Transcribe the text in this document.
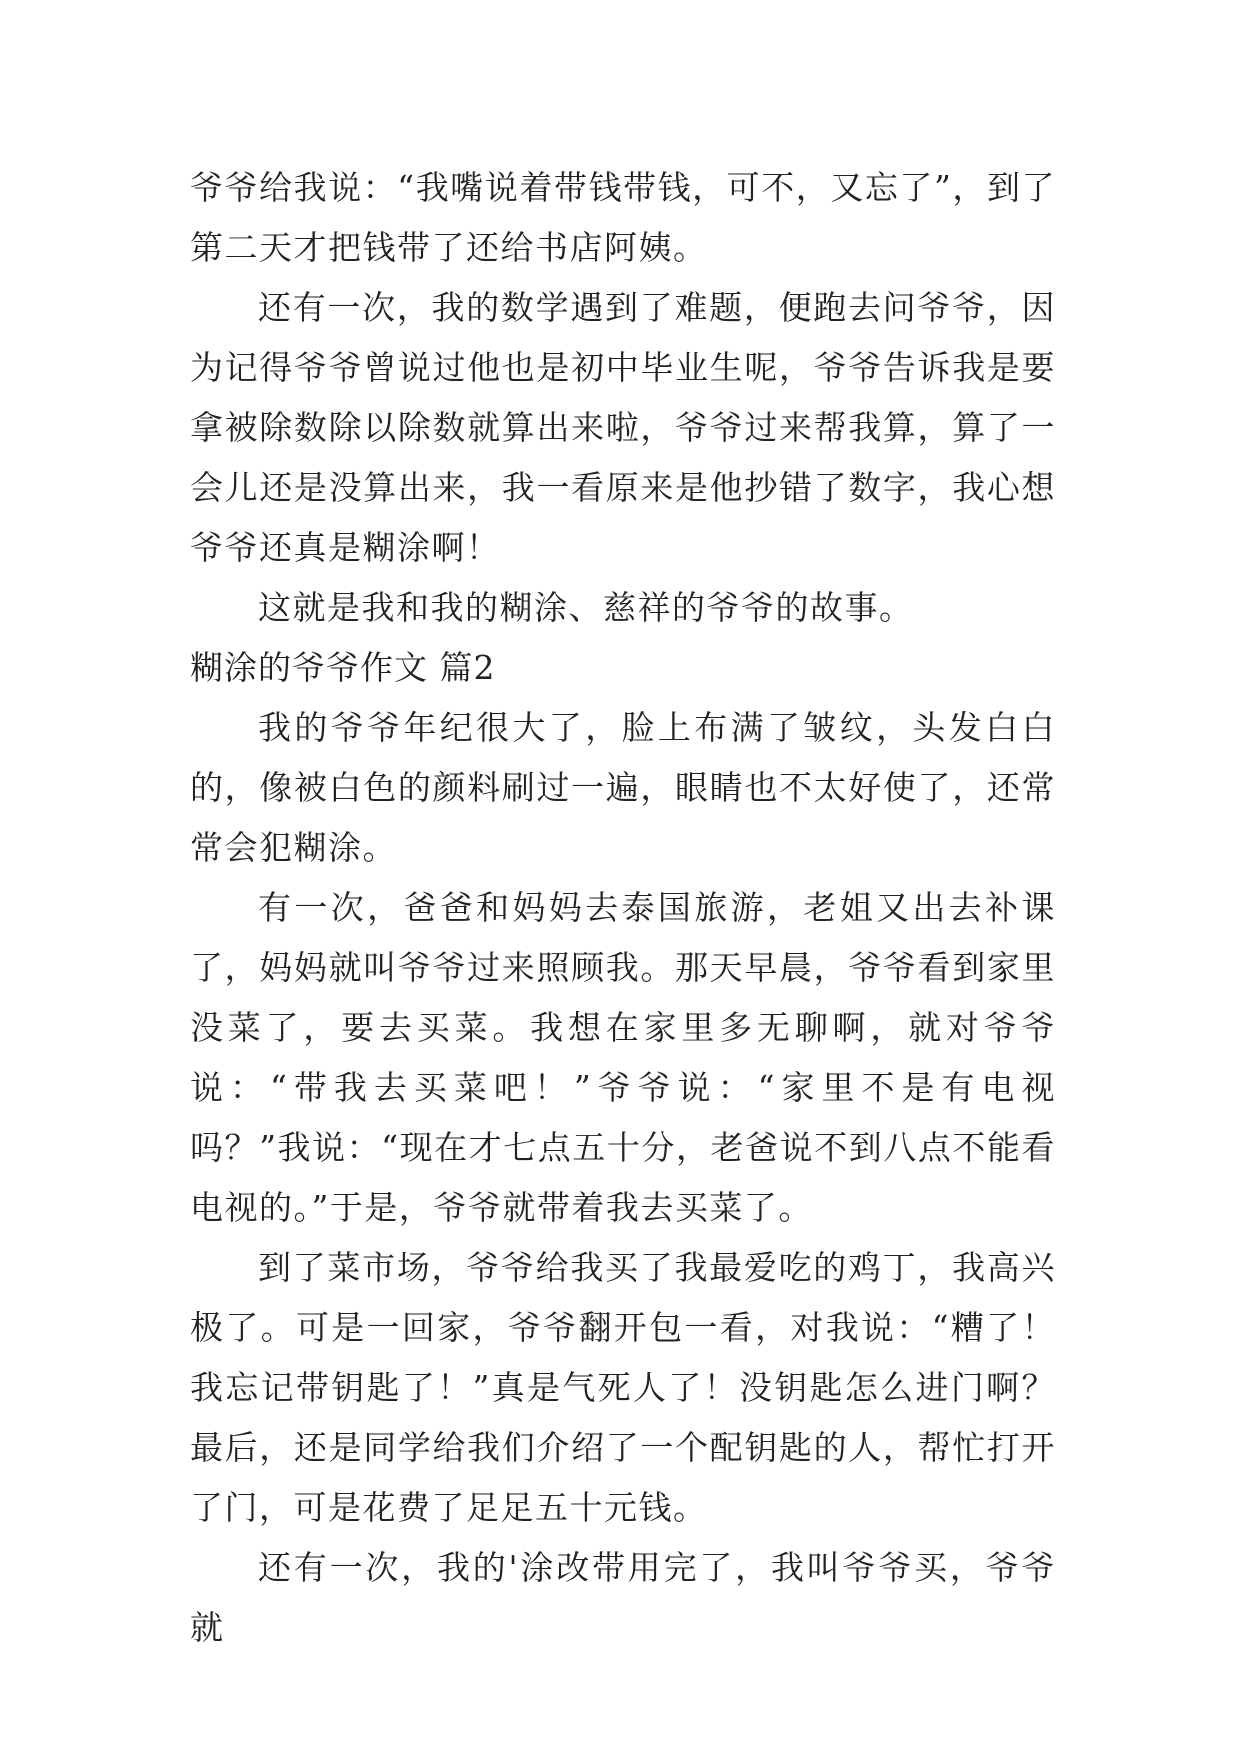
爷爷给我说：“我嘴说着带钱带钱，可不，又忘了”，到了第二天才把钱带了还给书店阿姨。

还有一次，我的数学遇到了难题，便跑去问爷爷，因为记得爷爷曾说过他也是初中毕业生呢，爷爷告诉我是要拿被除数除以除数就算出来啦，爷爷过来帮我算，算了一会儿还是没算出来，我一看原来是他抄错了数字，我心想爷爷还真是糊涂啊！

这就是我和我的糊涂、慈祥的爷爷的故事。

糊涂的爷爷作文 篇2

我的爷爷年纪很大了，脸上布满了皱纹，头发白白的，像被白色的颜料刷过一遍，眼睛也不太好使了，还常常会犯糊涂。

有一次，爸爸和妈妈去泰国旅游，老姐又出去补课了，妈妈就叫爷爷过来照顾我。那天早晨，爷爷看到家里没菜了，要去买菜。我想在家里多无聊啊，就对爷爷说：“带我去买菜吧！”爷爷说：“家里不是有电视吗？”我说：“现在才七点五十分，老爸说不到八点不能看电视的。”于是，爷爷就带着我去买菜了。

到了菜市场，爷爷给我买了我最爱吃的鸡丁，我高兴极了。可是一回家，爷爷翻开包一看，对我说：“糟了！我忘记带钥匙了！”真是气死人了！没钥匙怎么进门啊？最后，还是同学给我们介绍了一个配钥匙的人，帮忙打开了门，可是花费了足足五十元钱。

还有一次，我的'涂改带用完了，我叫爷爷买，爷爷就
